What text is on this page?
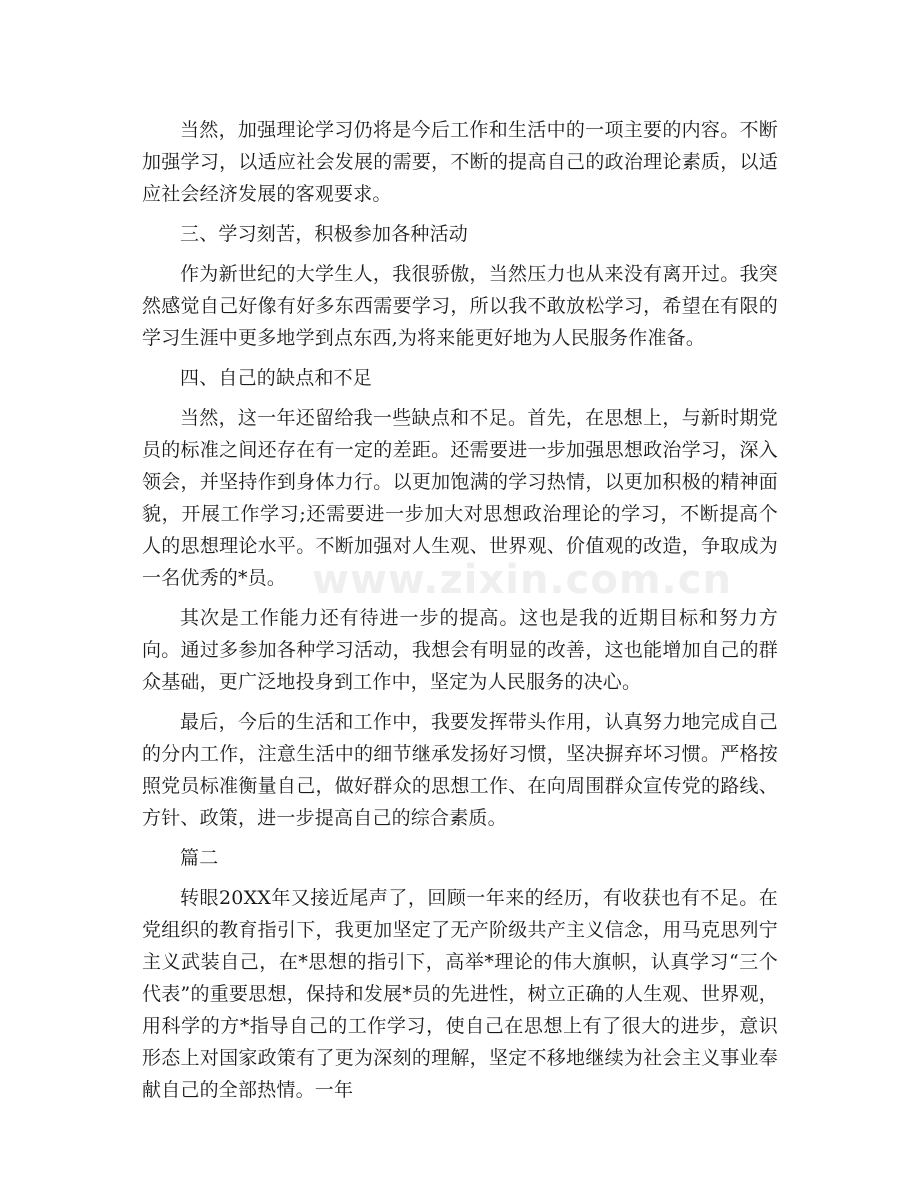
当然，加强理论学习仍将是今后工作和生活中的一项主要的内容。不断加强学习，以适应社会发展的需要，不断的提高自己的政治理论素质，以适应社会经济发展的客观要求。

三、学习刻苦，积极参加各种活动

作为新世纪的大学生人，我很骄傲，当然压力也从来没有离开过。我突然感觉自己好像有好多东西需要学习，所以我不敢放松学习，希望在有限的学习生涯中更多地学到点东西,为将来能更好地为人民服务作准备。

四、自己的缺点和不足

当然，这一年还留给我一些缺点和不足。首先，在思想上，与新时期党员的标准之间还存在有一定的差距。还需要进一步加强思想政治学习，深入领会，并坚持作到身体力行。以更加饱满的学习热情，以更加积极的精神面貌，开展工作学习;还需要进一步加大对思想政治理论的学习，不断提高个人的思想理论水平。不断加强对人生观、世界观、价值观的改造，争取成为一名优秀的*员。

其次是工作能力还有待进一步的提高。这也是我的近期目标和努力方向。通过多参加各种学习活动，我想会有明显的改善，这也能增加自己的群众基础，更广泛地投身到工作中，坚定为人民服务的决心。

最后，今后的生活和工作中，我要发挥带头作用，认真努力地完成自己的分内工作，注意生活中的细节继承发扬好习惯，坚决摒弃坏习惯。严格按照党员标准衡量自己，做好群众的思想工作、在向周围群众宣传党的路线、方针、政策，进一步提高自己的综合素质。

篇二

转眼20XX年又接近尾声了，回顾一年来的经历，有收获也有不足。在党组织的教育指引下，我更加坚定了无产阶级共产主义信念，用马克思列宁主义武装自己，在*思想的指引下，高举*理论的伟大旗帜，认真学习“三个代表”的重要思想，保持和发展*员的先进性，树立正确的人生观、世界观，用科学的方*指导自己的工作学习，使自己在思想上有了很大的进步，意识形态上对国家政策有了更为深刻的理解，坚定不移地继续为社会主义事业奉献自己的全部热情。一年

www.zixin.com.cn
